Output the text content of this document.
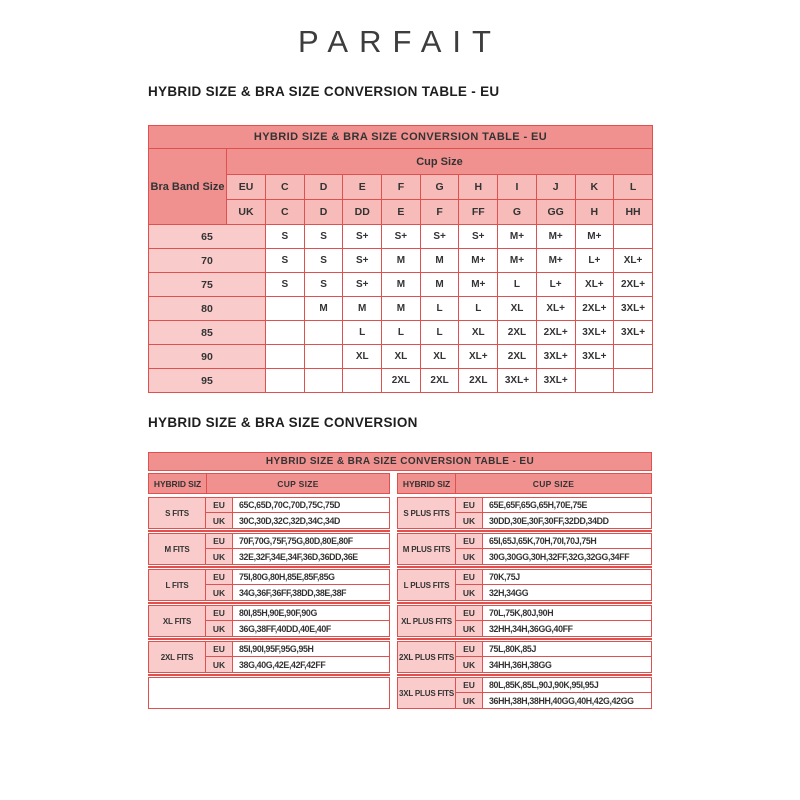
PARFAIT
HYBRID SIZE & BRA SIZE CONVERSION TABLE - EU
HYBRID SIZE & BRA SIZE CONVERSION TABLE - EU											
Bra Band Size	Cup Size										
	EU	C	D	E	F	G	H	I	J	K	L
	UK	C	D	DD	E	F	FF	G	GG	H	HH
65		S	S	S+	S+	S+	S+	M+	M+	M+	
70		S	S	S+	M	M	M+	M+	M+	L+	XL+
75		S	S	S+	M	M	M+	L	L+	XL+	2XL+
80			M	M	M	L	L	XL	XL+	2XL+	3XL+
85				L	L	L	XL	2XL	2XL+	3XL+	3XL+
90				XL	XL	XL	XL+	2XL	3XL+	3XL+	
95					2XL	2XL	2XL	3XL+	3XL+		
HYBRID SIZE & BRA SIZE CONVERSION
HYBRID SIZE & BRA SIZE CONVERSION TABLE - EU
HYBRID SIZ	CUP SIZE
S FITS
EU	65C,65D,70C,70D,75C,75D
UK	30C,30D,32C,32D,34C,34D
M FITS
EU	70F,70G,75F,75G,80D,80E,80F
UK	32E,32F,34E,34F,36D,36DD,36E
L FITS
EU	75I,80G,80H,85E,85F,85G
UK	34G,36F,36FF,38DD,38E,38F
XL FITS
EU	80I,85H,90E,90F,90G
UK	36G,38FF,40DD,40E,40F
2XL FITS
EU	85I,90I,95F,95G,95H
UK	38G,40G,42E,42F,42FF
HYBRID SIZ	CUP SIZE
S PLUS FITS
EU	65E,65F,65G,65H,70E,75E
UK	30DD,30E,30F,30FF,32DD,34DD
M PLUS FITS
EU	65I,65J,65K,70H,70I,70J,75H
UK	30G,30GG,30H,32FF,32G,32GG,34FF
L PLUS FITS
EU	70K,75J
UK	32H,34GG
XL PLUS FITS
EU	70L,75K,80J,90H
UK	32HH,34H,36GG,40FF
2XL PLUS FITS
EU	75L,80K,85J
UK	34HH,36H,38GG
3XL PLUS FITS
EU	80L,85K,85L,90J,90K,95I,95J
UK	36HH,38H,38HH,40GG,40H,42G,42GG
